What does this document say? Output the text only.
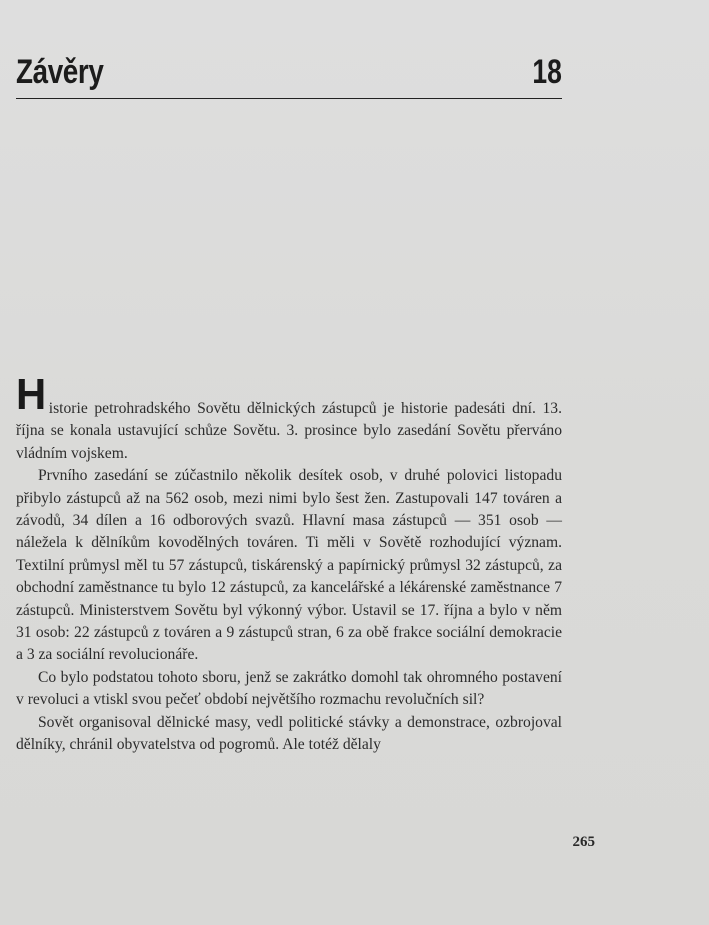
Závěry	18

Historie petrohradského Sovětu dělnických zástupců je historie padesáti dní. 13. října se konala ustavující schůze Sovětu. 3. prosince bylo zasedání Sovětu přerváno vládním vojskem.

Prvního zasedání se zúčastnilo několik desítek osob, v druhé polovici listopadu přibylo zástupců až na 562 osob, mezi nimi bylo šest žen. Zastupovali 147 továren a závodů, 34 dílen a 16 odborových svazů. Hlavní masa zástupců — 351 osob — náležela k dělníkům kovodělných továren. Ti měli v Sovětě rozhodující význam. Textilní průmysl měl tu 57 zástupců, tiskárenský a papírnický průmysl 32 zástupců, za obchodní zaměstnance tu bylo 12 zástupců, za kancelářské a lékárenské zaměstnance 7 zástupců. Ministerstvem Sovětu byl výkonný výbor. Ustavil se 17. října a bylo v něm 31 osob: 22 zástupců z továren a 9 zástupců stran, 6 za obě frakce sociální demokracie a 3 za sociální revolucionáře.

Co bylo podstatou tohoto sboru, jenž se zakrátko domohl tak ohromného postavení v revoluci a vtiskl svou pečeť období největšího rozmachu revolučních sil?

Sovět organisoval dělnické masy, vedl politické stávky a demonstrace, ozbrojoval dělníky, chránil obyvatelstva od pogromů. Ale totéž dělaly

265
